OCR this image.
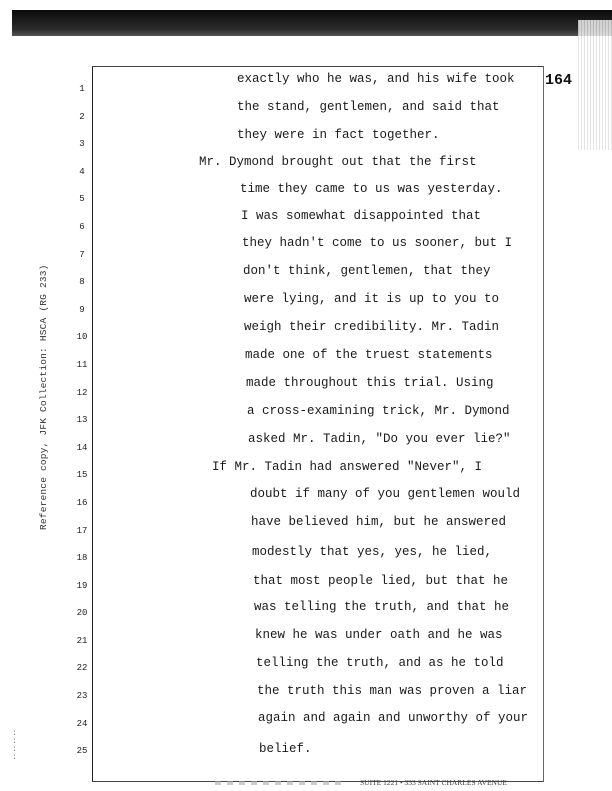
164
1
2
3
4
5
6
7
8
9
10
11
12
13
14
15
16
17
18
19
20
21
22
23
24
25
Reference copy, JFK Collection: HSCA (RG 233)
:
:
:
:
exactly who he was, and his wife took
the stand, gentlemen, and said that
they were in fact together.
Mr. Dymond brought out that the first
time they came to us was yesterday.
I was somewhat disappointed that
they hadn't come to us sooner, but I
don't think, gentlemen, that they
were lying, and it is up to you to
weigh their credibility. Mr. Tadin
made one of the truest statements
made throughout this trial. Using
a cross-examining trick, Mr. Dymond
asked Mr. Tadin, "Do you ever lie?"
If Mr. Tadin had answered "Never", I
doubt if many of you gentlemen would
have believed him, but he answered
modestly that yes, yes, he lied,
that most people lied, but that he
was telling the truth, and that he
knew he was under oath and he was
telling the truth, and as he told
the truth this man was proven a liar
again and again and unworthy of your
belief.
SUITE 1221 • 333 SAINT CHARLES AVENUE
